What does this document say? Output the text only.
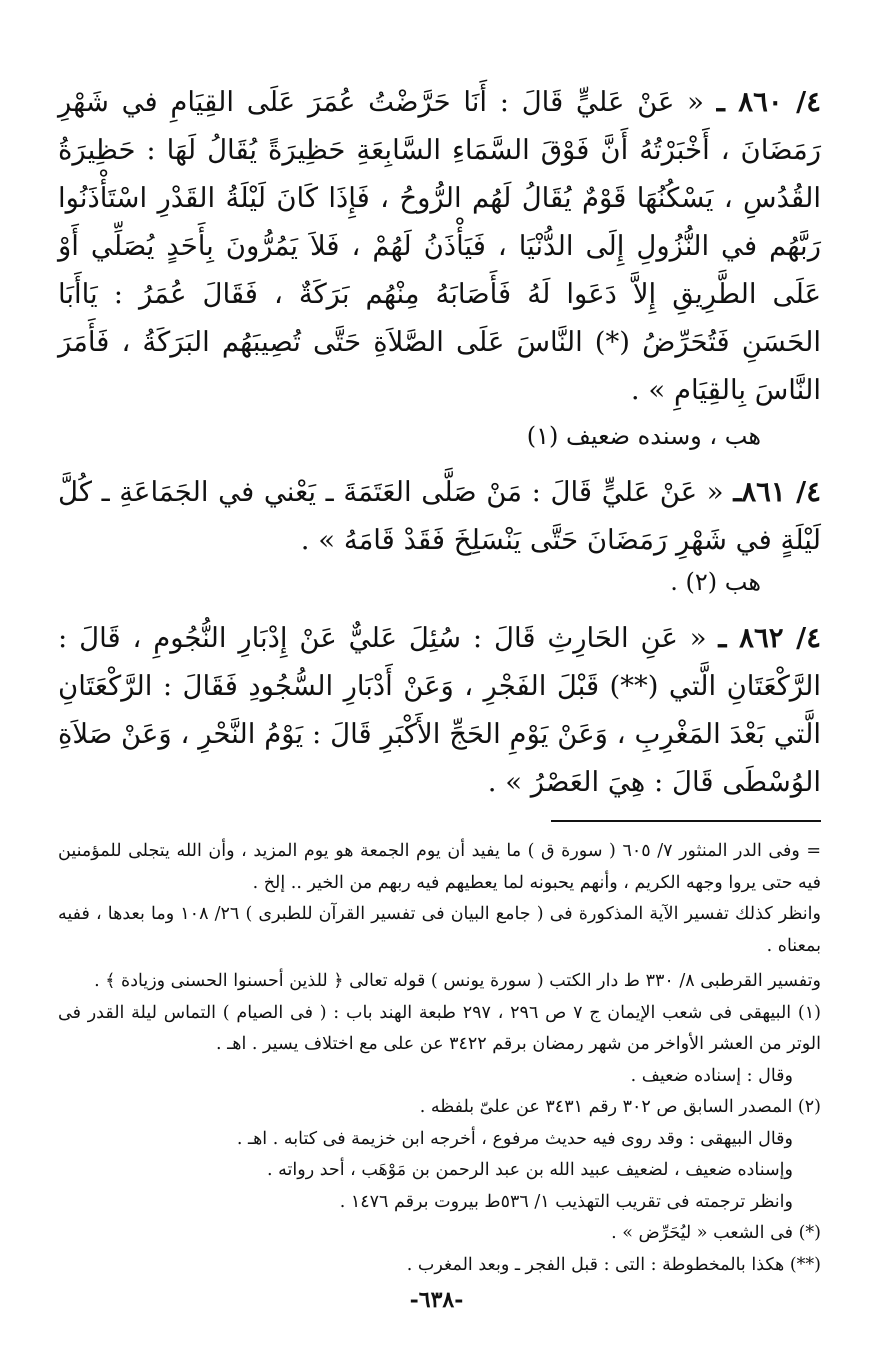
٤/ ٨٦٠ ـ « عَنْ عَليٍّ قَالَ : أَنَا حَرَّضْتُ عُمَرَ عَلَى القِيَامِ في شَهْرِ رَمَضَانَ ، أَخْبَرْتُهُ أَنَّ فَوْقَ السَّمَاءِ السَّابِعَةِ حَظِيرَةً يُقَالُ لَهَا : حَظِيرَةُ القُدُسِ ، يَسْكُنُهَا قَوْمٌ يُقَالُ لَهُم الرُّوحُ ، فَإِذَا كَانَ لَيْلَةُ القَدْرِ اسْتَأْذَنُوا رَبَّهُم في النُّزُولِ إِلَى الدُّنْيَا ، فَيَأْذَنُ لَهُمْ ، فَلاَ يَمُرُّونَ بِأَحَدٍ يُصَلِّي أَوْ عَلَى الطَّرِيقِ إِلاَّ دَعَوا لَهُ فَأَصَابَهُ مِنْهُم بَرَكَةٌ ، فَقَالَ عُمَرُ : يَاأَبَا الحَسَنِ فَتُحَرِّضُ (*) النَّاسَ عَلَى الصَّلاَةِ حَتَّى تُصِيبَهُم البَرَكَةُ ، فَأَمَرَ النَّاسَ بِالقِيَامِ » .

هب ، وسنده ضعيف (١)

٤/ ٨٦١ـ « عَنْ عَليٍّ قَالَ : مَنْ صَلَّى العَتَمَةَ ـ يَعْني في الجَمَاعَةِ ـ كُلَّ لَيْلَةٍ في شَهْرِ رَمَضَانَ حَتَّى يَنْسَلِخَ فَقَدْ قَامَهُ » .

هب (٢) .

٤/ ٨٦٢ ـ « عَنِ الحَارِثِ قَالَ : سُئِلَ عَليٌّ عَنْ إِدْبَارِ النُّجُومِ ، قَالَ : الرَّكْعَتَانِ الَّتي (**) قَبْلَ الفَجْرِ ، وَعَنْ أَدْبَارِ السُّجُودِ فَقَالَ : الرَّكْعَتَانِ الَّتي بَعْدَ المَغْرِبِ ، وَعَنْ يَوْمِ الحَجِّ الأَكْبَرِ قَالَ : يَوْمُ النَّحْرِ ، وَعَنْ صَلاَةِ الوُسْطَى قَالَ : هِيَ العَصْرُ » .

= وفى الدر المنثور ٧/ ٦٠٥ ( سورة ق ) ما يفيد أن يوم الجمعة هو يوم المزيد ، وأن الله يتجلى للمؤمنين فيه حتى يروا وجهه الكريم ، وأنهم يحبونه لما يعطيهم فيه ربهم من الخير .. إلخ .

وانظر كذلك تفسير الآية المذكورة فى ( جامع البيان فى تفسير القرآن للطبرى ) ٢٦/ ١٠٨ وما بعدها ، ففيه بمعناه .

وتفسير القرطبى ٨/ ٣٣٠ ط دار الكتب ( سورة يونس ) قوله تعالى ﴿ للذين أحسنوا الحسنى وزيادة ﴾ .

(١) البيهقى فى شعب الإيمان ج ٧ ص ٢٩٦ ، ٢٩٧ طبعة الهند باب : ( فى الصيام ) التماس ليلة القدر فى الوتر من العشر الأواخر من شهر رمضان برقم ٣٤٢٢ عن على مع اختلاف يسير . اهـ .

وقال : إسناده ضعيف .

(٢) المصدر السابق ص ٣٠٢ رقم ٣٤٣١ عن علىّ بلفظه .

وقال البيهقى : وقد روى فيه حديث مرفوع ، أخرجه ابن خزيمة فى كتابه . اهـ .

وإسناده ضعيف ، لضعيف عبيد الله بن عبد الرحمن بن مَوْهَب ، أحد رواته .

وانظر ترجمته فى تقريب التهذيب ١/ ٥٣٦ط بيروت برقم ١٤٧٦ .

(*) فى الشعب « ليُحَرِّض » .

(**) هكذا بالمخطوطة : التى : قبل الفجر ـ وبعد المغرب .

-٦٣٨-
